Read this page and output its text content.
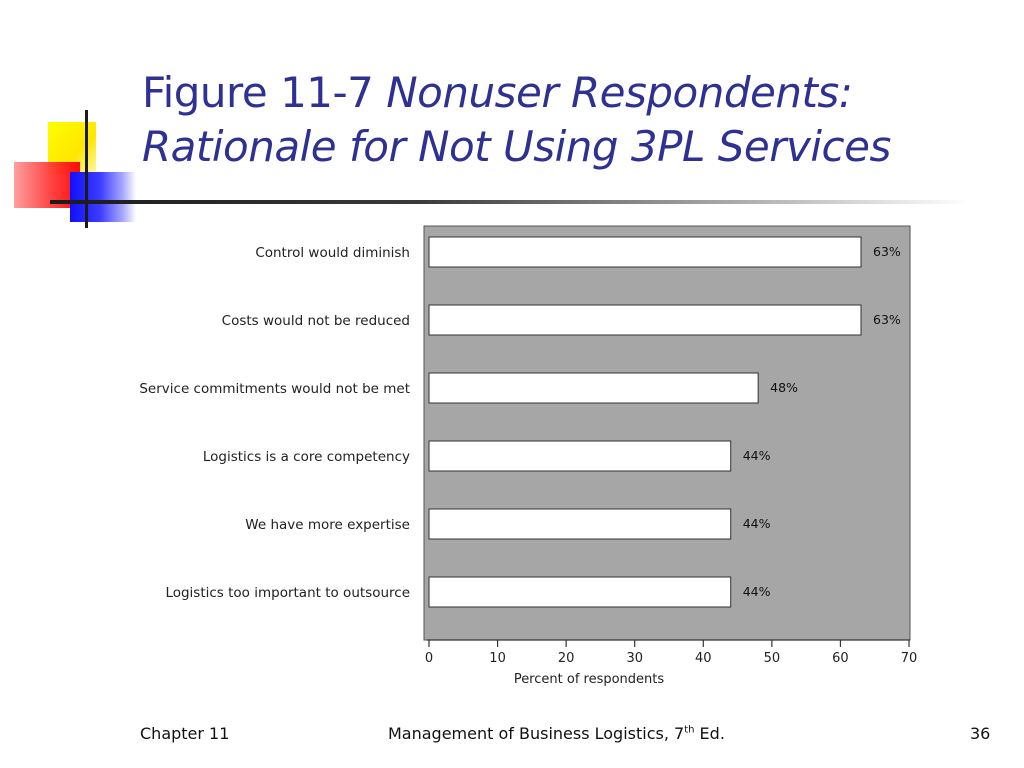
Figure 11-7 Nonuser Respondents:
Rationale for Not Using 3PL Services
Control would diminish	63%
Costs would not be reduced	63%
Service commitments would not be met	48%
Logistics is a core competency	44%
We have more expertise	44%
Logistics too important to outsource	44%
0	10	20	30	40	50	60	70
Percent of respondents
Chapter 11	Management of Business Logistics, 7th Ed.	36
